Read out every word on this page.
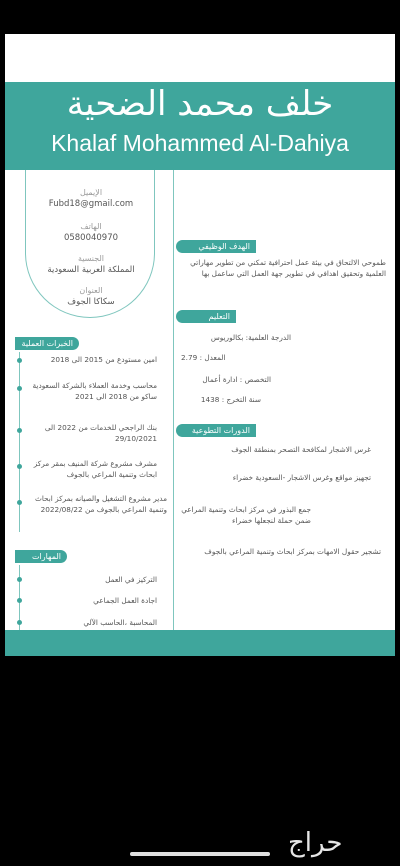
خلف محمد الضحية
Khalaf Mohammed Al-Dahiya
الإيميل
Fubd18@gmail.com
الهاتف
0580040970
الجنسية
المملكة العربية السعودية
العنوان
سكاكا الجوف
الخبرات العملية
امين مستودع من 2015 الى 2018
محاسب وخدمة العملاء بالشركة السعودية ساكو من 2018 الى 2021
بنك الراجحي للخدمات من 2022 الى 29/10/2021
مشرف مشروع شركة المنيف بمقر مركز ابحاث وتنمية المراعي بالجوف
مدير مشروع التشغيل والصيانه بمركز ابحاث وتنمية المراعي بالجوف من 2022/08/22
المهارات
التركيز في العمل
اجادة العمل الجماعي
المحاسبة ،الحاسب الآلي
الهدف الوظيفي
طموحي الالتحاق في بيئة عمل احترافية تمكني من تطوير مهاراتي العلمية وتحقيق اهدافي في تطوير جهة العمل التي ساعمل بها
التعليم
الدرجة العلمية: بكالوريوس
المعدل : 2.79
التخصص : ادارة أعمال
سنة التخرج : 1438
الدورات التطوعية
غرس الاشجار لمكافحة التصحر بمنطقة الجوف
تجهيز مواقع وغرس الاشجار -السعودية خضراء
جمع البذور في مركز ابحاث وتنمية المراعي ضمن حملة لنجعلها خضراء
تشجير حقول الامهات بمركز ابحاث وتنمية المراعي بالجوف
حراج
